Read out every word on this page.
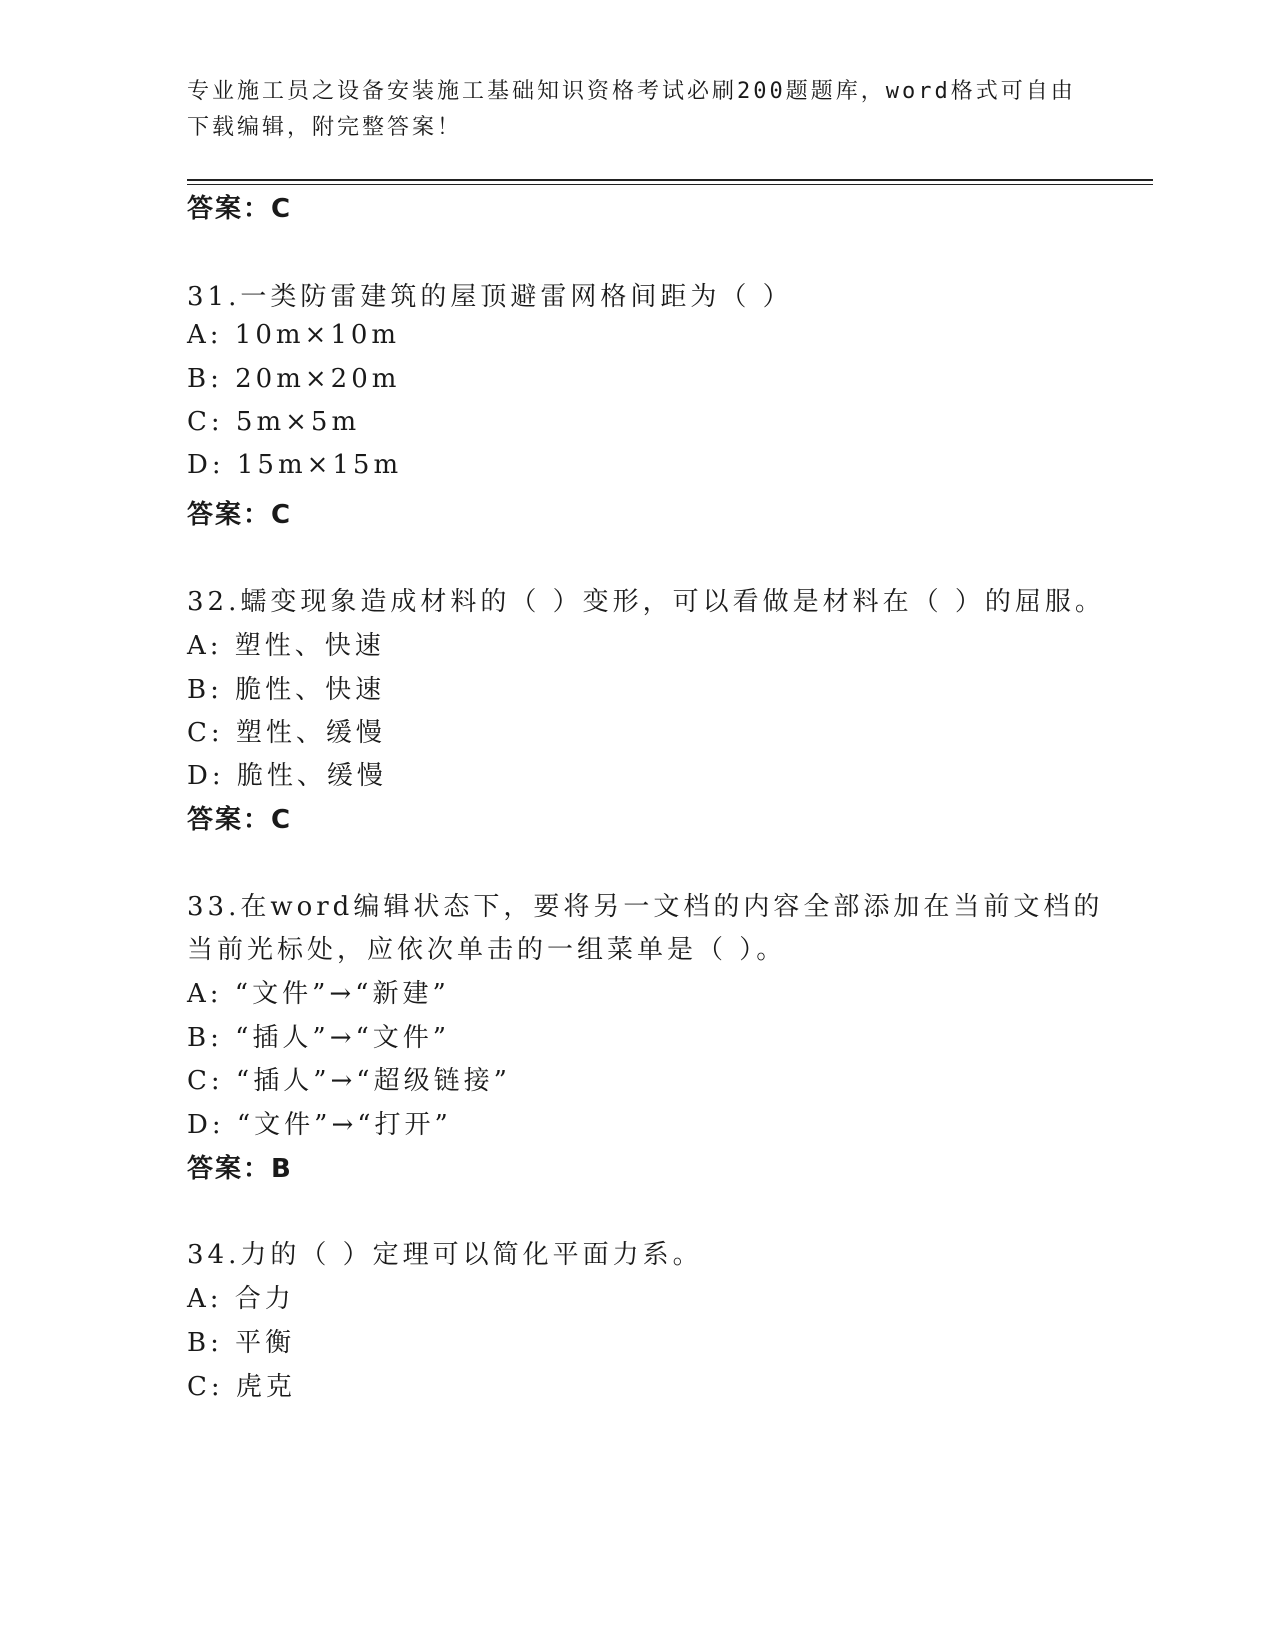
专业施工员之设备安装施工基础知识资格考试必刷200题题库，word格式可自由
下载编辑，附完整答案！
答案：C
31.一类防雷建筑的屋顶避雷网格间距为（ ）
A: 10m×10m
B: 20m×20m
C: 5m×5m
D: 15m×15m
答案：C
32.蠕变现象造成材料的（ ）变形，可以看做是材料在（ ）的屈服。
A: 塑性、快速
B: 脆性、快速
C: 塑性、缓慢
D: 脆性、缓慢
答案：C
33.在word编辑状态下，要将另一文档的内容全部添加在当前文档的
当前光标处，应依次单击的一组菜单是（ ）。
A: “文件”→“新建”
B: “插人”→“文件”
C: “插人”→“超级链接”
D: “文件”→“打开”
答案：B
34.力的（ ）定理可以简化平面力系。
A: 合力
B: 平衡
C: 虎克
